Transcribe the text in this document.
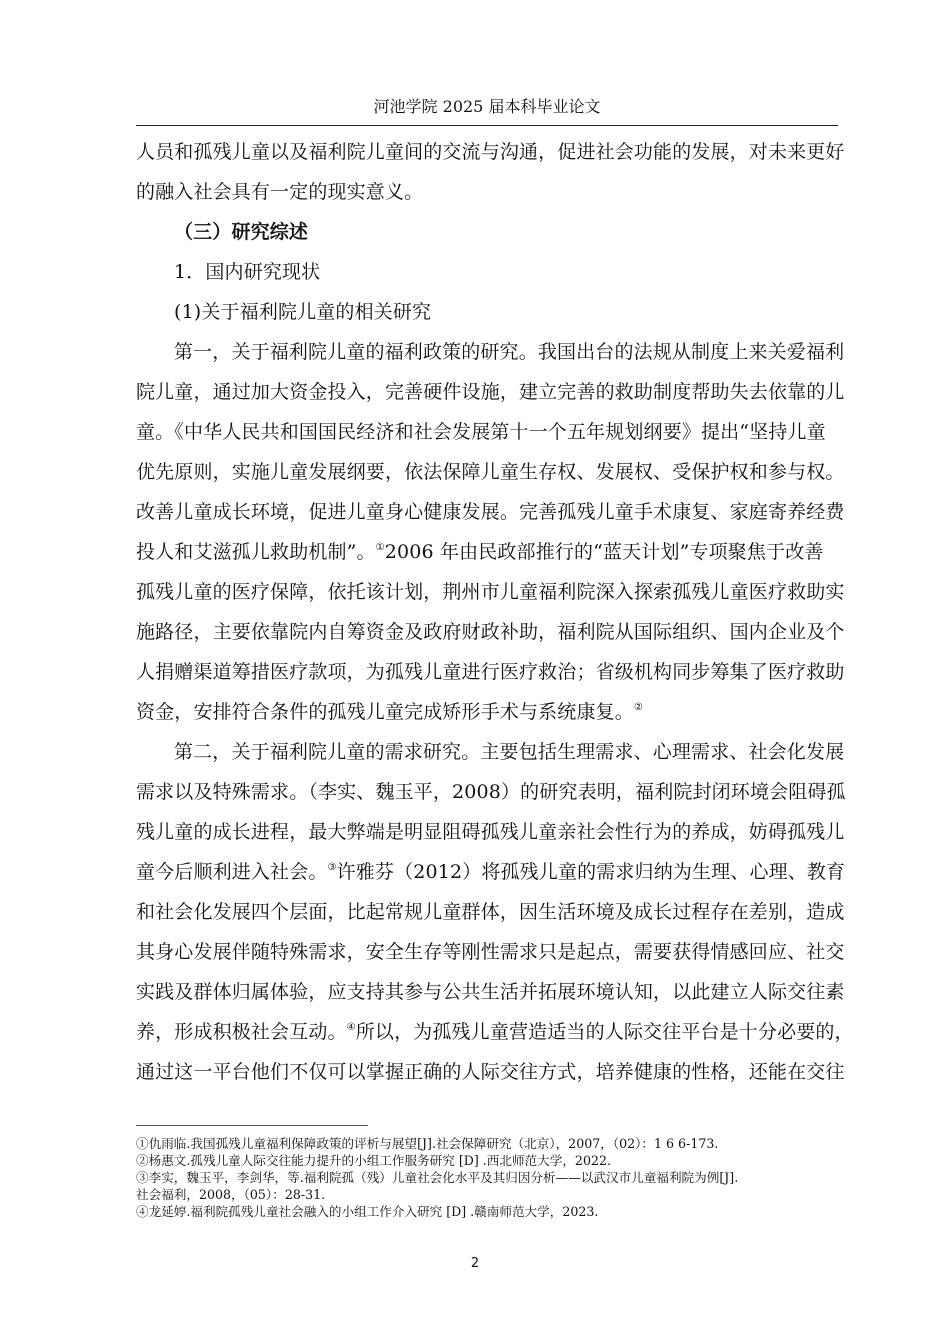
河池学院 2025 届本科毕业论文
人员和孤残儿童以及福利院儿童间的交流与沟通，促进社会功能的发展，对未来更好
的融入社会具有一定的现实意义。
（三）研究综述
1．国内研究现状
(1)关于福利院儿童的相关研究
第一，关于福利院儿童的福利政策的研究。我国出台的法规从制度上来关爱福利
院儿童，通过加大资金投入，完善硬件设施，建立完善的救助制度帮助失去依靠的儿
童。《中华人民共和国国民经济和社会发展第十一个五年规划纲要》提出“坚持儿童
优先原则，实施儿童发展纲要，依法保障儿童生存权、发展权、受保护权和参与权。
改善儿童成长环境，促进儿童身心健康发展。完善孤残儿童手术康复、家庭寄养经费
投人和艾滋孤儿救助机制”。①2006 年由民政部推行的“蓝天计划”专项聚焦于改善
孤残儿童的医疗保障，依托该计划，荆州市儿童福利院深入探索孤残儿童医疗救助实
施路径，主要依靠院内自筹资金及政府财政补助，福利院从国际组织、国内企业及个
人捐赠渠道筹措医疗款项，为孤残儿童进行医疗救治；省级机构同步筹集了医疗救助
资金，安排符合条件的孤残儿童完成矫形手术与系统康复。②
第二，关于福利院儿童的需求研究。主要包括生理需求、心理需求、社会化发展
需求以及特殊需求。（李实、魏玉平，2008）的研究表明，福利院封闭环境会阻碍孤
残儿童的成长进程，最大弊端是明显阻碍孤残儿童亲社会性行为的养成，妨碍孤残儿
童今后顺利进入社会。③许雅芬（2012）将孤残儿童的需求归纳为生理、心理、教育
和社会化发展四个层面，比起常规儿童群体，因生活环境及成长过程存在差别，造成
其身心发展伴随特殊需求，安全生存等刚性需求只是起点，需要获得情感回应、社交
实践及群体归属体验，应支持其参与公共生活并拓展环境认知，以此建立人际交往素
养，形成积极社会互动。④所以，为孤残儿童营造适当的人际交往平台是十分必要的，
通过这一平台他们不仅可以掌握正确的人际交往方式，培养健康的性格，还能在交往
①仇雨临.我国孤残儿童福利保障政策的评析与展望[J].社会保障研究（北京），2007，（02）：1 6 6-173.
②杨惠文.孤残儿童人际交往能力提升的小组工作服务研究 [D] .西北师范大学，2022.
③李实，魏玉平，李剑华，等.福利院孤（残）儿童社会化水平及其归因分析——以武汉市儿童福利院为例[J].
社会福利，2008，（05）：28-31.
④龙延婷.福利院孤残儿童社会融入的小组工作介入研究 [D] .赣南师范大学，2023.
2
